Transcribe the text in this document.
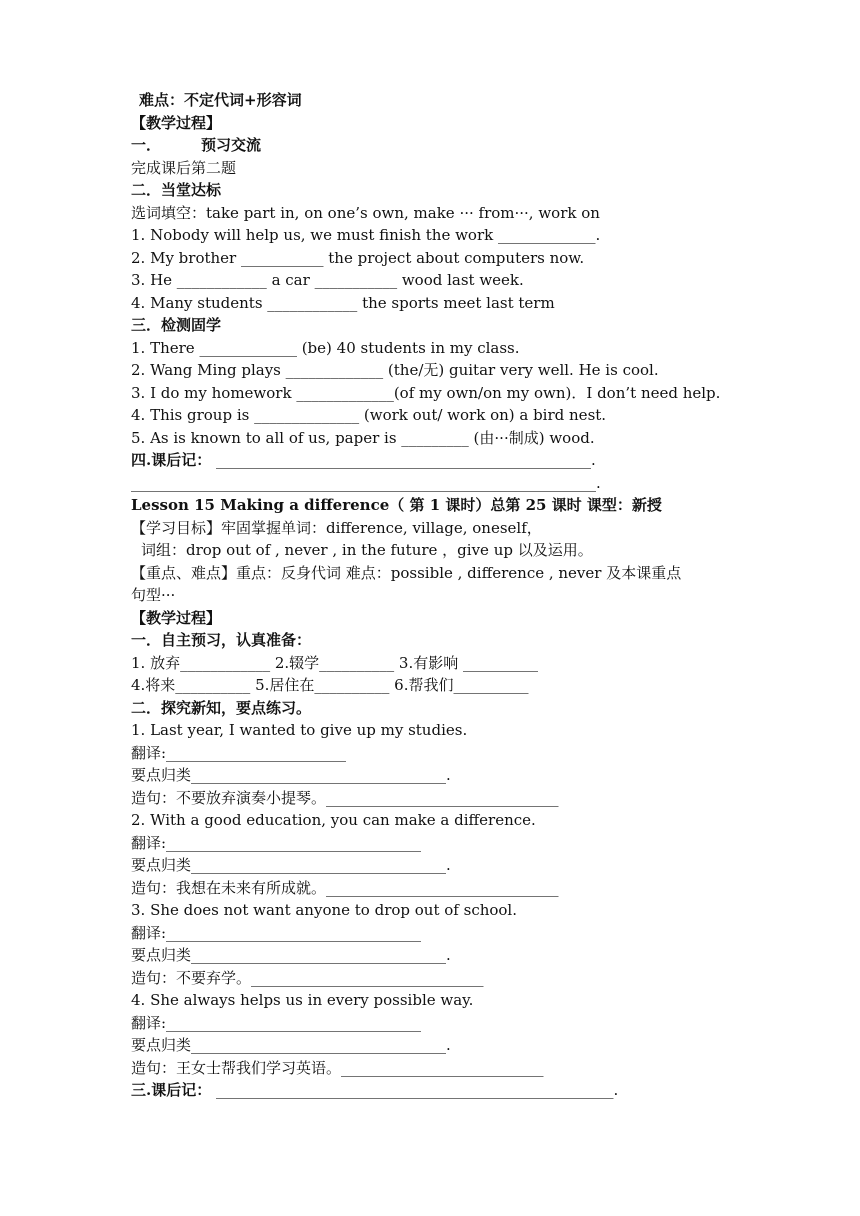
难点：不定代词+形容词
【教学过程】
一．	预习交流
完成课后第二题
二．当堂达标
选词填空：take part in, on one’s own, make ··· from···, work on
1. Nobody will help us, we must finish the work _____________.
2. My brother ___________ the project about computers now.
3. He ____________ a car ___________ wood last week.
4. Many students ____________ the sports meet last term
三．检测固学
1. There _____________ (be) 40 students in my class.
2. Wang Ming plays _____________ (the/无) guitar very well. He is cool.
3. I do my homework _____________(of my own/on my own)．I don’t need help.
4. This group is ______________ (work out/ work on) a bird nest.
5. As is known to all of us, paper is _________ (由···制成) wood.
四.课后记： __________________________________________________.
______________________________________________________________.
Lesson 15 Making a difference（ 第 1 课时）总第 25 课时 课型：新授
【学习目标】牢固掌握单词：difference, village, oneself，
词组：drop out of , never , in the future ，give up 以及运用。
【重点、难点】重点：反身代词 难点：possible , difference , never 及本课重点
句型···
【教学过程】
一．自主预习，认真准备：
1. 放弃____________ 2.辍学__________ 3.有影响 __________
4.将来__________ 5.居住在__________ 6.帮我们__________
二．探究新知，要点练习。
1. Last year, I wanted to give up my studies.
翻译:________________________
要点归类__________________________________.
造句：不要放弃演奏小提琴。_______________________________
2. With a good education, you can make a difference.
翻译:__________________________________
要点归类__________________________________.
造句：我想在未来有所成就。_______________________________
3. She does not want anyone to drop out of school.
翻译:__________________________________
要点归类__________________________________.
造句：不要弃学。_______________________________
4. She always helps us in every possible way.
翻译:__________________________________
要点归类__________________________________.
造句：王女士帮我们学习英语。___________________________
三.课后记： _____________________________________________________.
